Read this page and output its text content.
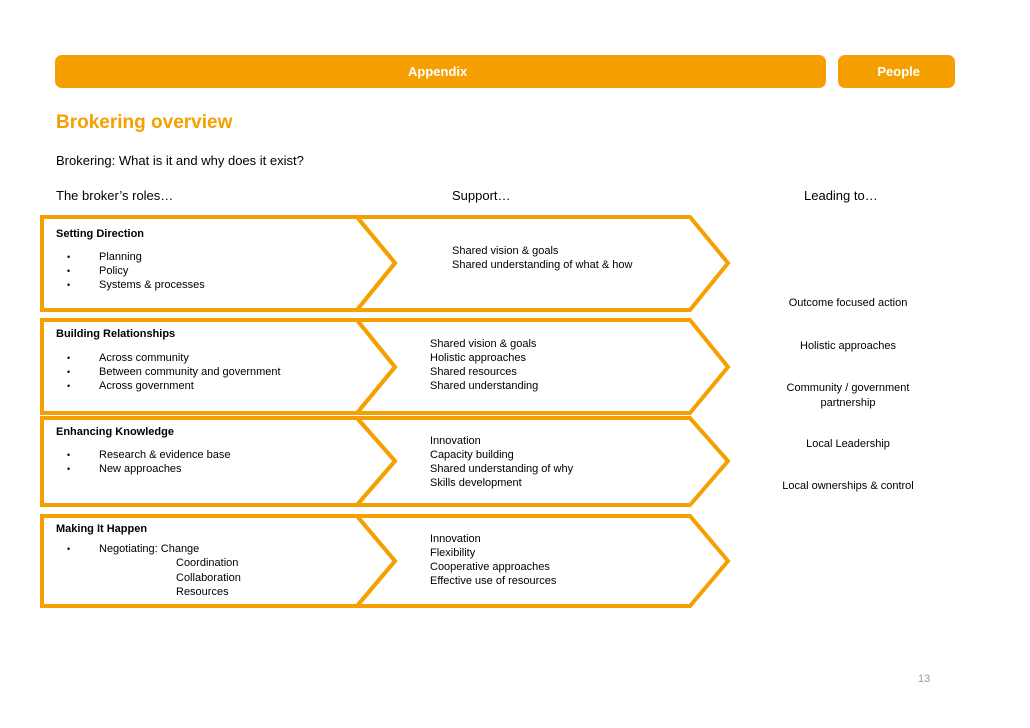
Appendix	People
Brokering overview
Brokering: What is it and why does it exist?
The broker’s roles…	Support…	Leading to…
Setting Direction
• Planning
• Policy
• Systems & processes
Shared vision & goals
Shared understanding of what & how
Building Relationships
• Across community
• Between community and government
• Across government
Shared vision & goals
Holistic approaches
Shared resources
Shared understanding
Enhancing Knowledge
• Research & evidence base
• New approaches
Innovation
Capacity building
Shared understanding of why
Skills development
Making It Happen
• Negotiating: Change
Coordination
Collaboration
Resources
Innovation
Flexibility
Cooperative approaches
Effective use of resources
Outcome focused action
Holistic approaches
Community / government partnership
Local Leadership
Local ownerships & control
13
